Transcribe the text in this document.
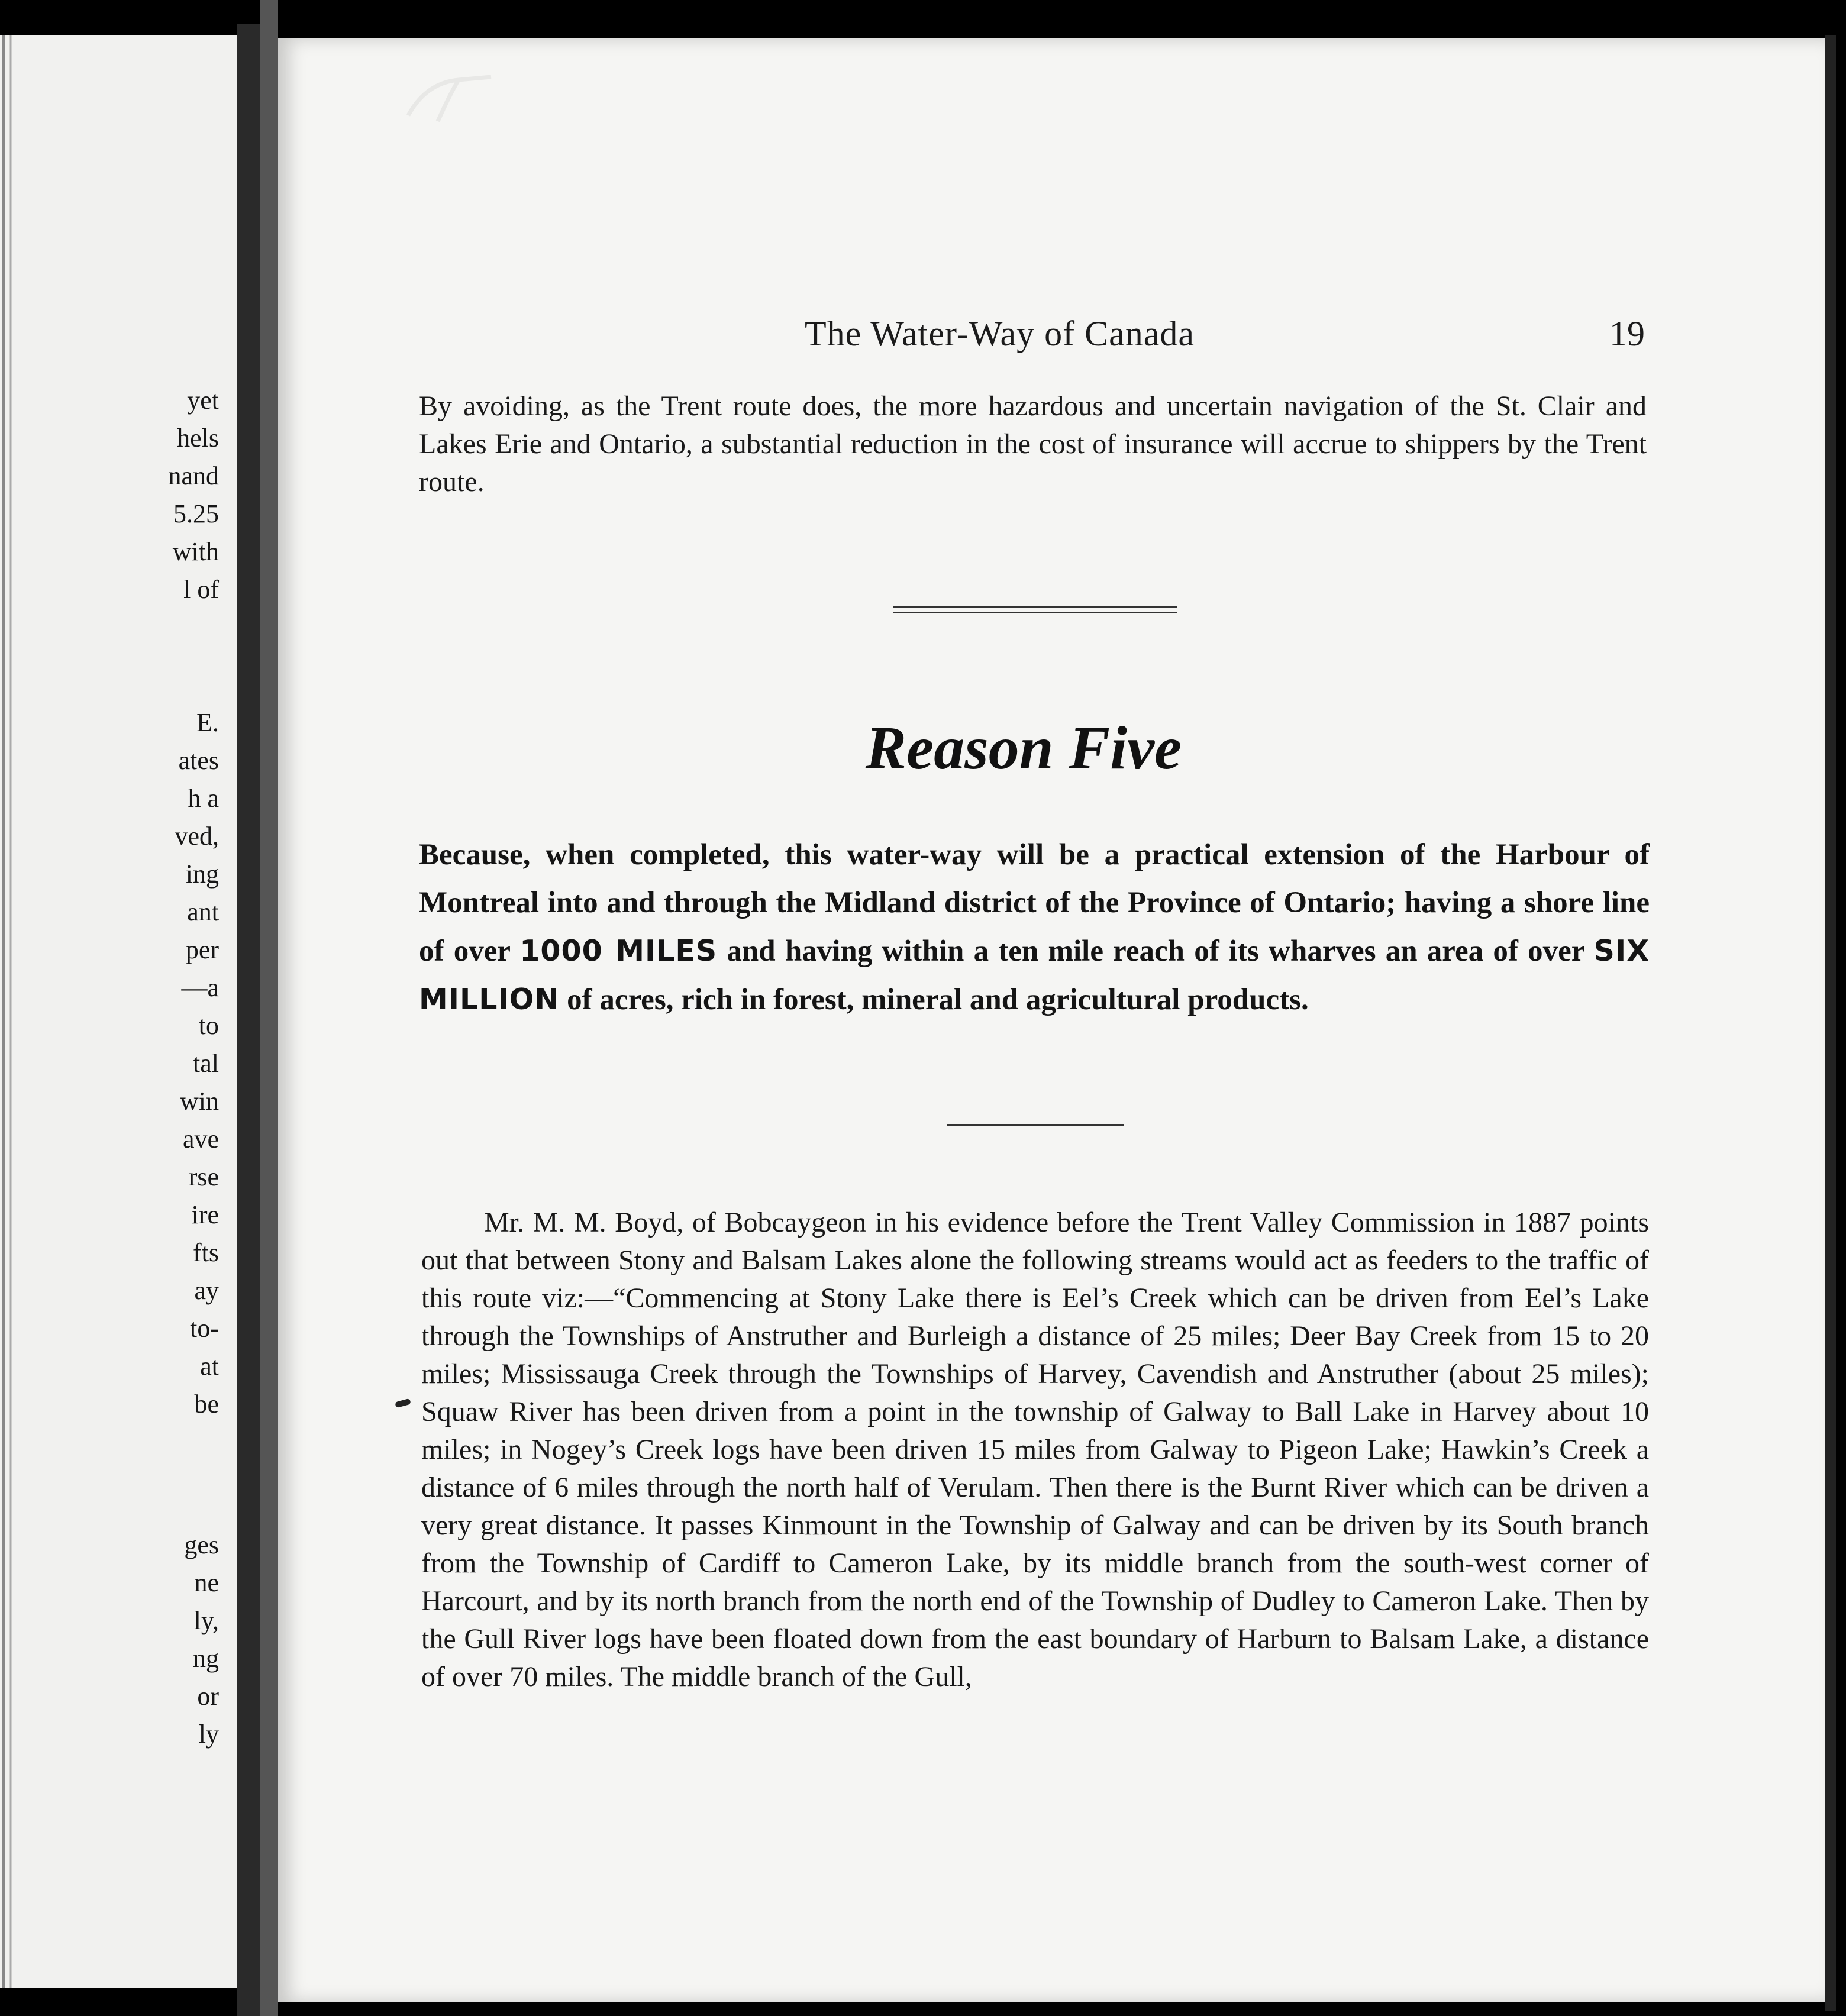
yet
hels
nand
5.25
with
l of
E.
ates
h a
ved,
ing
ant
per
—a
to
tal
win
ave
rse
ire
fts
ay
to-
at
be
ges
ne
ly,
ng
or
ly

The Water-Way of Canada	19

By avoiding, as the Trent route does, the more hazardous and uncertain navigation of the St. Clair and Lakes Erie and Ontario, a substantial reduction in the cost of insurance will accrue to shippers by the Trent route.

Reason Five

Because, when completed, this water-way will be a practical extension of the Harbour of Montreal into and through the Midland district of the Province of Ontario; having a shore line of over 1000 MILES and having within a ten mile reach of its wharves an area of over SIX MILLION of acres, rich in forest, mineral and agricultural products.

Mr. M. M. Boyd, of Bobcaygeon in his evidence before the Trent Valley Commission in 1887 points out that between Stony and Balsam Lakes alone the following streams would act as feeders to the traffic of this route viz:—“Commencing at Stony Lake there is Eel’s Creek which can be driven from Eel’s Lake through the Townships of Anstruther and Burleigh a distance of 25 miles; Deer Bay Creek from 15 to 20 miles; Mississauga Creek through the Townships of Harvey, Cavendish and Anstruther (about 25 miles); Squaw River has been driven from a point in the township of Galway to Ball Lake in Harvey about 10 miles; in Nogey’s Creek logs have been driven 15 miles from Galway to Pigeon Lake; Hawkin’s Creek a distance of 6 miles through the north half of Verulam. Then there is the Burnt River which can be driven a very great distance. It passes Kinmount in the Township of Galway and can be driven by its South branch from the Township of Cardiff to Cameron Lake, by its middle branch from the south-west corner of Harcourt, and by its north branch from the north end of the Township of Dudley to Cameron Lake. Then by the Gull River logs have been floated down from the east boundary of Harburn to Balsam Lake, a distance of over 70 miles. The middle branch of the Gull,
